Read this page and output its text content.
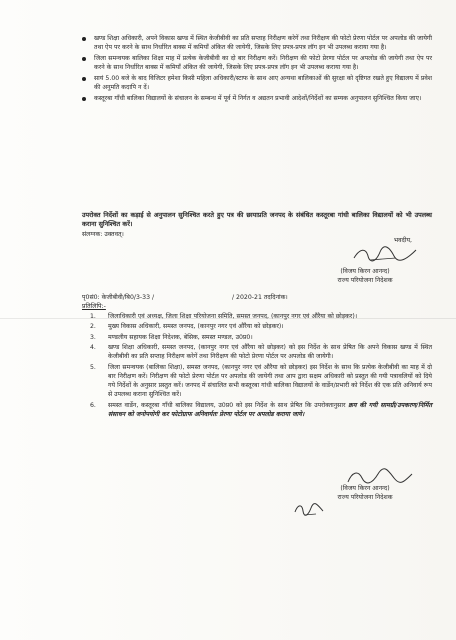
खण्ड शिक्षा अधिकारी, अपने विकास खण्ड में स्थित केजीबीवी का प्रति सप्ताह निरीक्षण करेगें तथा निरीक्षण की फोटो प्रेरणा पोर्टल पर अपलोड की जायेगी तथा ऐप पर करने के साथ निर्धारित बाक्स में कमियाँ अंकित की जायेगी, जिसके लिए प्रपत्र-प्रपत्र लॉग इन भी उपलब्ध कराया गया है।
जिला समन्वयक बालिका शिक्षा माह में प्रत्येक केजीबीवी का दो बार निरीक्षण करें। निरीक्षण की फोटो प्रेरणा पोर्टल पर अपलोड की जायेगी तथा ऐप पर करने के साथ निर्धारित बाक्स में कमियाँ अंकित की जायेगी, जिसके लिए प्रपत्र-प्रपत्र लॉग इन भी उपलब्ध कराया गया है।
सायं 5.00 बजे के बाद विजिटर हमेशा किसी महिला अधिकारी/स्टाफ के साथ आए अन्यथा बालिकाओं की सुरक्षा को दृष्टिगत रखते हुए विद्यालय में प्रवेश की अनुमति कदापि न दें।
कस्तूरबा गाँधी बालिका विद्यालयों के संचालन के सम्बन्ध में पूर्व में निर्गत व अद्यतन प्रभावी आदेशों/निर्देशों का सम्यक अनुपालन सुनिश्चित किया जाए।
उपरोक्त निर्देशों का कड़ाई से अनुपालन सुनिश्चित करते हुए पत्र की छायाप्रति जनपद के संबंधित कस्तूरबा गांधी बालिका विद्यालयों को भी उपलब्ध कराना सुनिश्चित करें।
संलग्नक: उक्तवत्।
भवदीय,
(विजय किरन आनन्द)
राज्य परियोजना निदेशक
पृ0सं0: केजीबीवी/बि0/3-33 /	/ 2020-21 तददिनांक।
प्रतिलिपि:-
1. जिलाधिकारी एवं अध्यक्ष, जिला शिक्षा परियोजना समिति, समस्त जनपद, (कानपुर नगर एवं औरैया को छोड़कर)।
2. मुख्य विकास अधिकारी, समस्त जनपद, (कानपुर नगर एवं औरैया को छोड़कर)।
3. मण्डलीय सहायक शिक्षा निदेशक, बेसिक, समस्त मण्डल, उ0प्र0।
4. खण्ड शिक्षा अधिकारी, समस्त जनपद, (कानपुर नगर एवं औरैया को छोड़कर) को इस निर्देश के साथ प्रेषित कि अपने विकास खण्ड में स्थित केजीबीवी का प्रति सप्ताह निरीक्षण करेगें तथा निरीक्षण की फोटो प्रेरणा पोर्टल पर अपलोड की जायेगी।
5. जिला समन्वयक (बालिका शिक्षा), समस्त जनपद, (कानपुर नगर एवं औरैया को छोड़कर) इस निर्देश के साथ कि प्रत्येक केजीबीवी का माह में दो बार निरीक्षण करें। निरीक्षण की फोटो प्रेरणा पोर्टल पर अपलोड की जायेगी तथा आप द्वारा सक्षम अधिकारी को प्रस्तुत की गयी पत्रावलियों को दिये गये निर्देशों के अनुसार प्रस्तुत करें। जनपद में संचालित सभी कस्तूरबा गांधी बालिका विद्यालयों के वार्डेन/प्रभारी को निर्देश की एक प्रति अनिवार्य रूप से उपलब्ध कराना सुनिश्चित करें।
6. समस्त वार्डेन, कस्तूरबा गाँधी बालिका विद्यालय, उ0प्र0 को इस निर्देश के साथ प्रेषित कि उपरोक्तानुसार क्रय की गयी सामग्री/उपकरण/निर्मित संसाधन को जनोपयोगी कर फोटोग्राफ अनिवार्यतः प्रेरणा पोर्टल पर अपलोड कराया जाये।
(विजय किरन आनन्द)
राज्य परियोजना निदेशक
